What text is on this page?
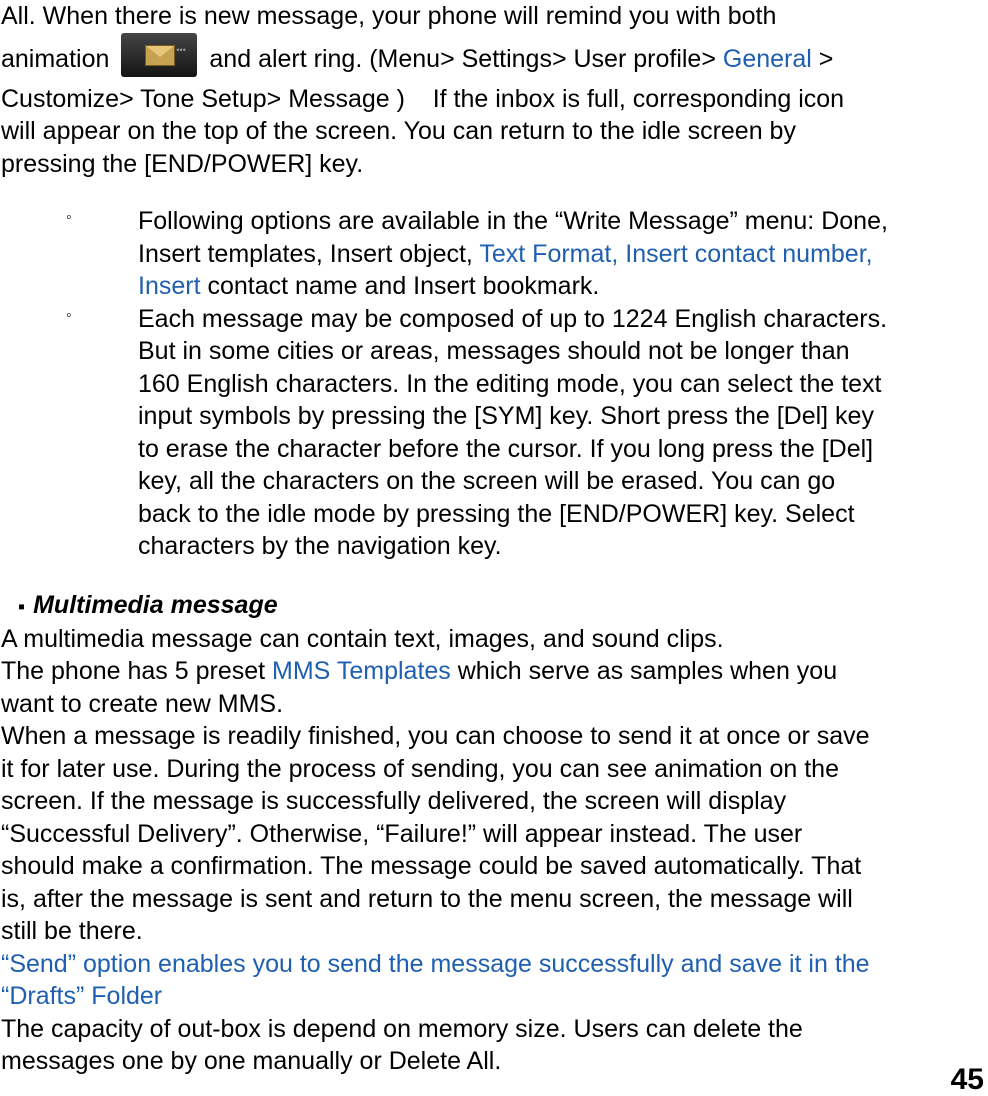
All. When there is new message, your phone will remind you with both

animation	••• and alert ring. (Menu> Settings> User profile> General >

Customize> Tone Setup> Message )    If the inbox is full, corresponding icon

will appear on the top of the screen. You can return to the idle screen by

pressing the [END/POWER] key.

◦	Following options are available in the “Write Message” menu: Done,
Insert templates, Insert object, Text Format, Insert contact number,
Insert contact name and Insert bookmark.
◦	Each message may be composed of up to 1224 English characters.
But in some cities or areas, messages should not be longer than
160 English characters. In the editing mode, you can select the text
input symbols by pressing the [SYM] key. Short press the [Del] key
to erase the character before the cursor. If you long press the [Del]
key, all the characters on the screen will be erased. You can go
back to the idle mode by pressing the [END/POWER] key. Select
characters by the navigation key.
▪ Multimedia message

A multimedia message can contain text, images, and sound clips.

The phone has 5 preset MMS Templates which serve as samples when you

want to create new MMS.

When a message is readily finished, you can choose to send it at once or save

it for later use. During the process of sending, you can see animation on the

screen. If the message is successfully delivered, the screen will display

“Successful Delivery”. Otherwise, “Failure!” will appear instead. The user

should make a confirmation. The message could be saved automatically. That

is, after the message is sent and return to the menu screen, the message will

still be there.

“Send” option enables you to send the message successfully and save it in the

“Drafts” Folder

The capacity of out-box is depend on memory size. Users can delete the

messages one by one manually or Delete All.

45
